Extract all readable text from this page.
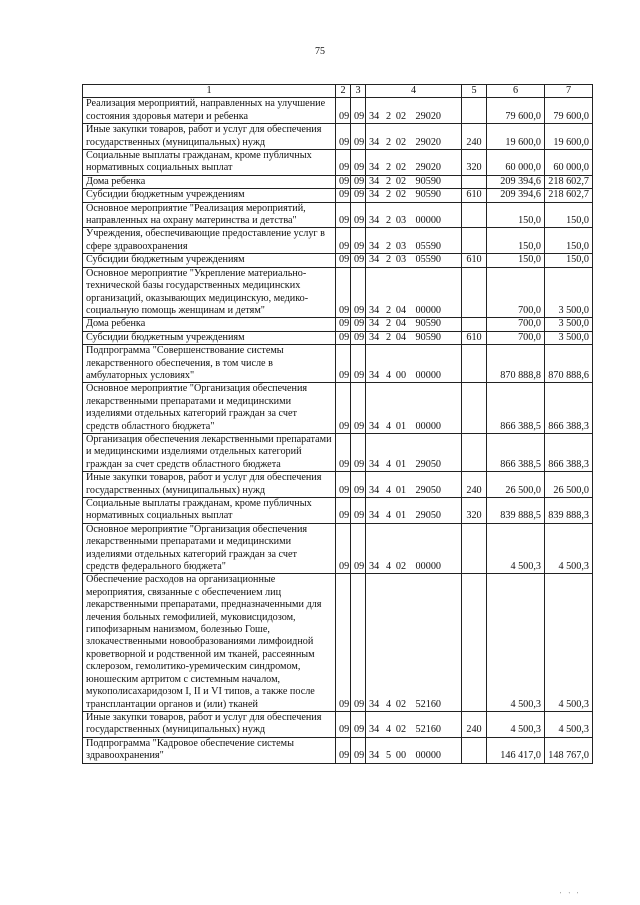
75
1	2	3	4	5	6	7
Реализация мероприятий, направленных на улучшение состояния здоровья матери и ребенка	09	09	34 2 02 29020		79 600,0	79 600,0
Иные закупки товаров, работ и услуг для обеспечения государственных (муниципальных) нужд	09	09	34 2 02 29020	240	19 600,0	19 600,0
Социальные выплаты гражданам, кроме публичных нормативных социальных выплат	09	09	34 2 02 29020	320	60 000,0	60 000,0
Дома ребенка	09	09	34 2 02 90590		209 394,6	218 602,7
Субсидии бюджетным учреждениям	09	09	34 2 02 90590	610	209 394,6	218 602,7
Основное мероприятие "Реализация мероприятий, направленных на охрану материнства и детства"	09	09	34 2 03 00000		150,0	150,0
Учреждения, обеспечивающие предоставление услуг в сфере здравоохранения	09	09	34 2 03 05590		150,0	150,0
Субсидии бюджетным учреждениям	09	09	34 2 03 05590	610	150,0	150,0
Основное мероприятие "Укрепление материально-технической базы государственных медицинских организаций, оказывающих медицинскую, медико-социальную помощь женщинам и детям"	09	09	34 2 04 00000		700,0	3 500,0
Дома ребенка	09	09	34 2 04 90590		700,0	3 500,0
Субсидии бюджетным учреждениям	09	09	34 2 04 90590	610	700,0	3 500,0
Подпрограмма "Совершенствование системы лекарственного обеспечения, в том числе в амбулаторных условиях"	09	09	34 4 00 00000		870 888,8	870 888,6
Основное мероприятие "Организация обеспечения лекарственными препаратами и медицинскими изделиями отдельных категорий граждан за счет средств областного бюджета"	09	09	34 4 01 00000		866 388,5	866 388,3
Организация обеспечения лекарственными препаратами и медицинскими изделиями отдельных категорий граждан за счет средств областного бюджета	09	09	34 4 01 29050		866 388,5	866 388,3
Иные закупки товаров, работ и услуг для обеспечения государственных (муниципальных) нужд	09	09	34 4 01 29050	240	26 500,0	26 500,0
Социальные выплаты гражданам, кроме публичных нормативных социальных выплат	09	09	34 4 01 29050	320	839 888,5	839 888,3
Основное мероприятие "Организация обеспечения лекарственными препаратами и медицинскими изделиями отдельных категорий граждан за счет средств федерального бюджета"	09	09	34 4 02 00000		4 500,3	4 500,3
Обеспечение расходов на организационные мероприятия, связанные с обеспечением лиц лекарственными препаратами, предназначенными для лечения больных гемофилией, муковисцидозом, гипофизарным нанизмом, болезнью Гоше, злокачественными новообразованиями лимфоидной кроветворной и родственной им тканей, рассеянным склерозом, гемолитико-уремическим синдромом, юношеским артритом с системным началом, мукополисахаридозом I, II и VI типов, а также после трансплантации органов и (или) тканей	09	09	34 4 02 52160		4 500,3	4 500,3
Иные закупки товаров, работ и услуг для обеспечения государственных (муниципальных) нужд	09	09	34 4 02 52160	240	4 500,3	4 500,3
Подпрограмма "Кадровое обеспечение системы здравоохранения"	09	09	34 5 00 00000		146 417,0	148 767,0
' ' '
